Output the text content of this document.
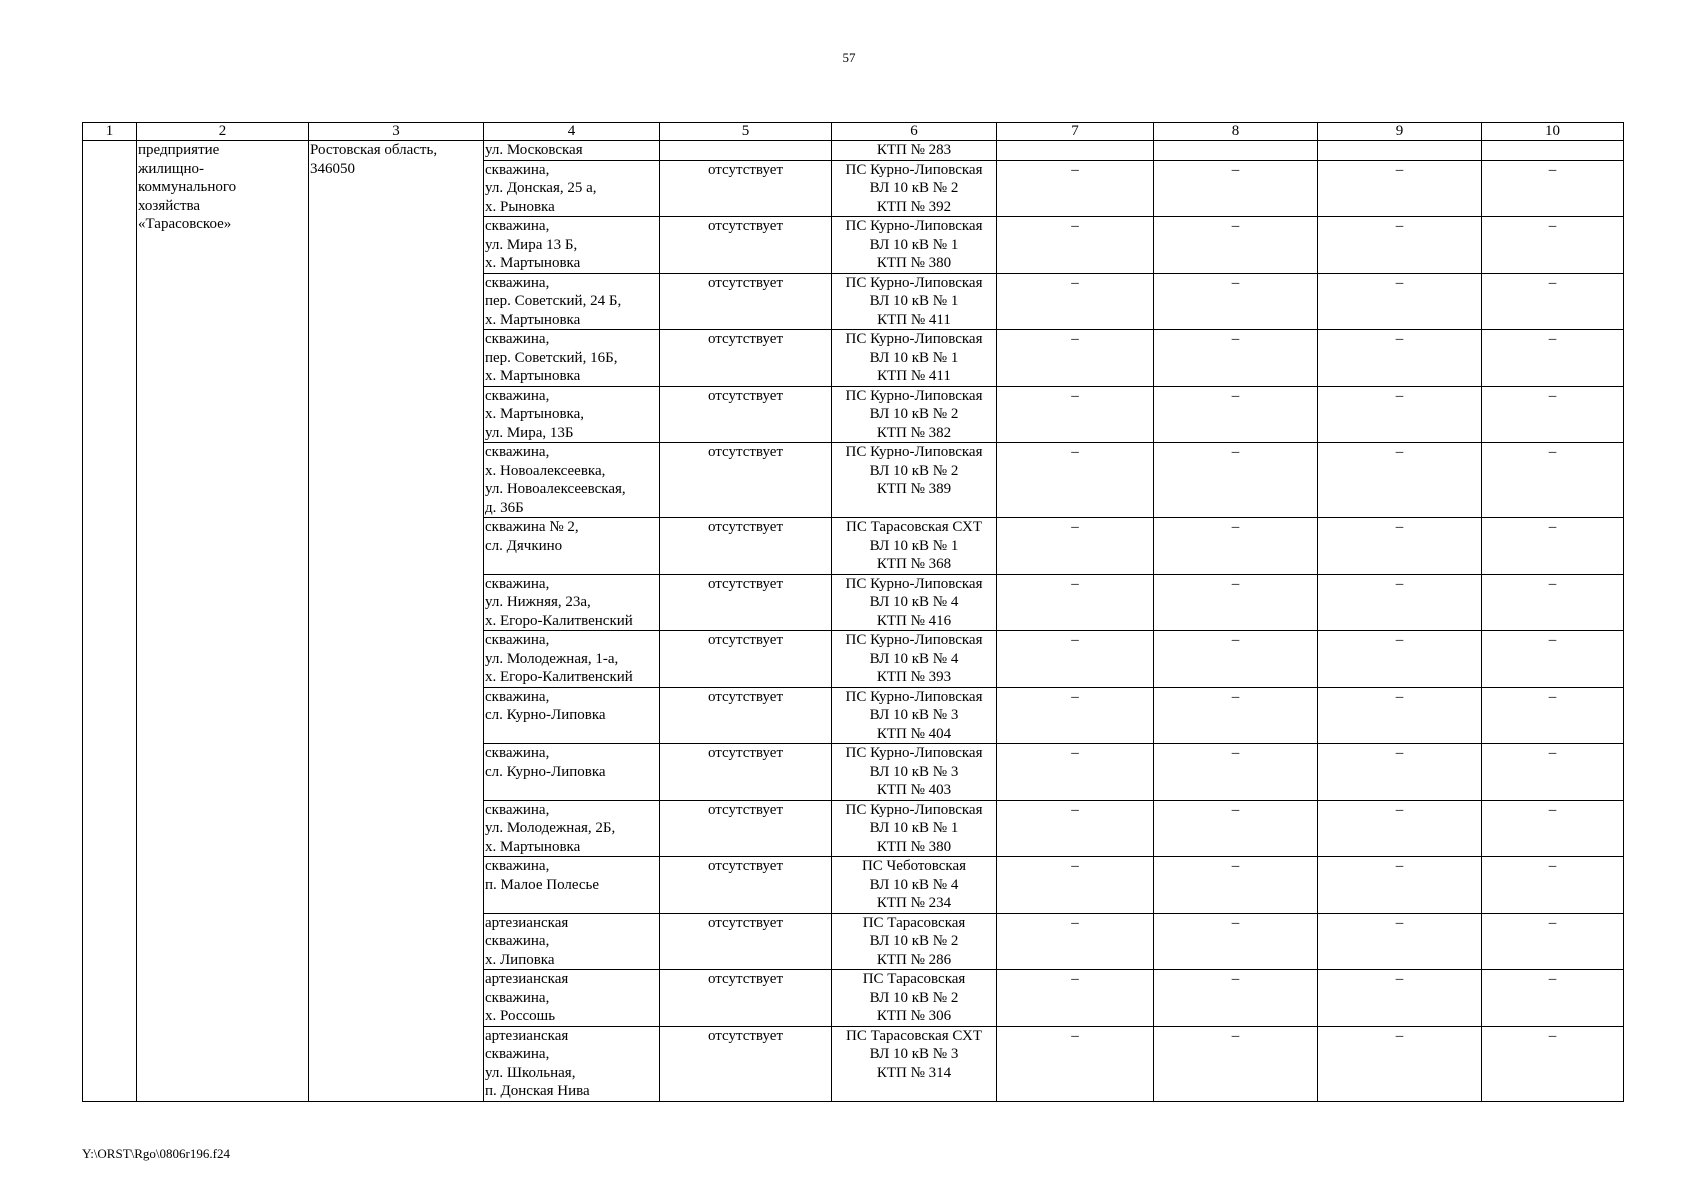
57
1	2	3	4	5	6	7	8	9	10
	предприятие
жилищно-
коммунального
хозяйства
«Тарасовское»	Ростовская область,
346050	ул. Московская		КТП № 283				
			скважина,
ул. Донская, 25 а,
х. Рыновка	отсутствует	ПС Курно-Липовская
ВЛ 10 кВ № 2
КТП № 392	–	–	–	–
			скважина,
ул. Мира 13 Б,
х. Мартыновка	отсутствует	ПС Курно-Липовская
ВЛ 10 кВ № 1
КТП № 380	–	–	–	–
			скважина,
пер. Советский, 24 Б,
х. Мартыновка	отсутствует	ПС Курно-Липовская
ВЛ 10 кВ № 1
КТП № 411	–	–	–	–
			скважина,
пер. Советский, 16Б,
х. Мартыновка	отсутствует	ПС Курно-Липовская
ВЛ 10 кВ № 1
КТП № 411	–	–	–	–
			скважина,
х. Мартыновка,
ул. Мира, 13Б	отсутствует	ПС Курно-Липовская
ВЛ 10 кВ № 2
КТП № 382	–	–	–	–
			скважина,
х. Новоалексеевка,
ул. Новоалексеевская,
д. 36Б	отсутствует	ПС Курно-Липовская
ВЛ 10 кВ № 2
КТП № 389	–	–	–	–
			скважина № 2,
сл. Дячкино	отсутствует	ПС Тарасовская СХТ
ВЛ 10 кВ № 1
КТП № 368	–	–	–	–
			скважина,
ул. Нижняя, 23а,
х. Егоро-Калитвенский	отсутствует	ПС Курно-Липовская
ВЛ 10 кВ № 4
КТП № 416	–	–	–	–
			скважина,
ул. Молодежная, 1-а,
х. Егоро-Калитвенский	отсутствует	ПС Курно-Липовская
ВЛ 10 кВ № 4
КТП № 393	–	–	–	–
			скважина,
сл. Курно-Липовка	отсутствует	ПС Курно-Липовская
ВЛ 10 кВ № 3
КТП № 404	–	–	–	–
			скважина,
сл. Курно-Липовка	отсутствует	ПС Курно-Липовская
ВЛ 10 кВ № 3
КТП № 403	–	–	–	–
			скважина,
ул. Молодежная, 2Б,
х. Мартыновка	отсутствует	ПС Курно-Липовская
ВЛ 10 кВ № 1
КТП № 380	–	–	–	–
			скважина,
п. Малое Полесье	отсутствует	ПС Чеботовская
ВЛ 10 кВ № 4
КТП № 234	–	–	–	–
			артезианская
скважина,
х. Липовка	отсутствует	ПС Тарасовская
ВЛ 10 кВ № 2
КТП № 286	–	–	–	–
			артезианская
скважина,
х. Россошь	отсутствует	ПС Тарасовская
ВЛ 10 кВ № 2
КТП № 306	–	–	–	–
			артезианская
скважина,
ул. Школьная,
п. Донская Нива	отсутствует	ПС Тарасовская СХТ
ВЛ 10 кВ № 3
КТП № 314	–	–	–	–
Y:\ORST\Rgo\0806r196.f24
